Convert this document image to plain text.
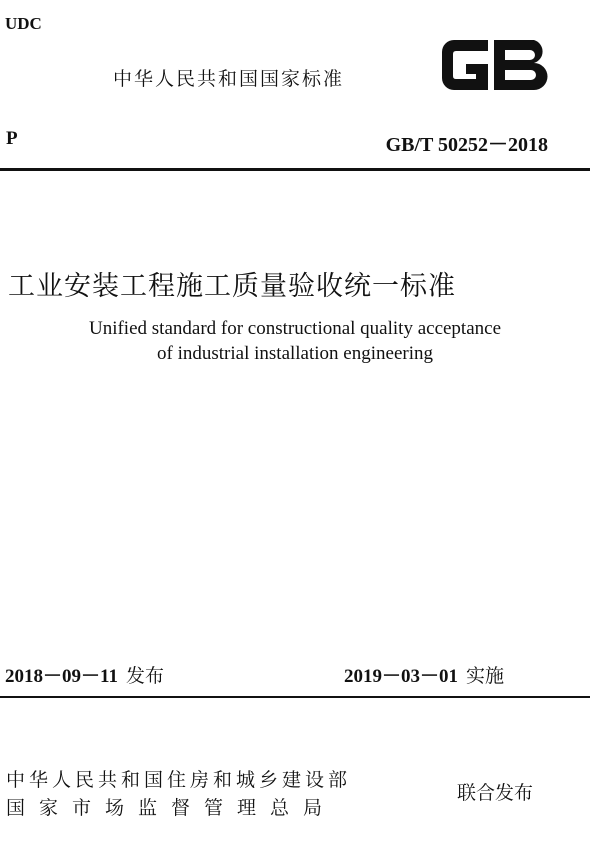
UDC
中华人民共和国国家标准
P	GB/T 50252－2018
工业安装工程施工质量验收统一标准
Unified standard for constructional quality acceptance
of industrial installation engineering
2018－09－11 发布	2019－03－01 实施
中华人民共和国住房和城乡建设部
国家市场监督管理总局
联合发布
